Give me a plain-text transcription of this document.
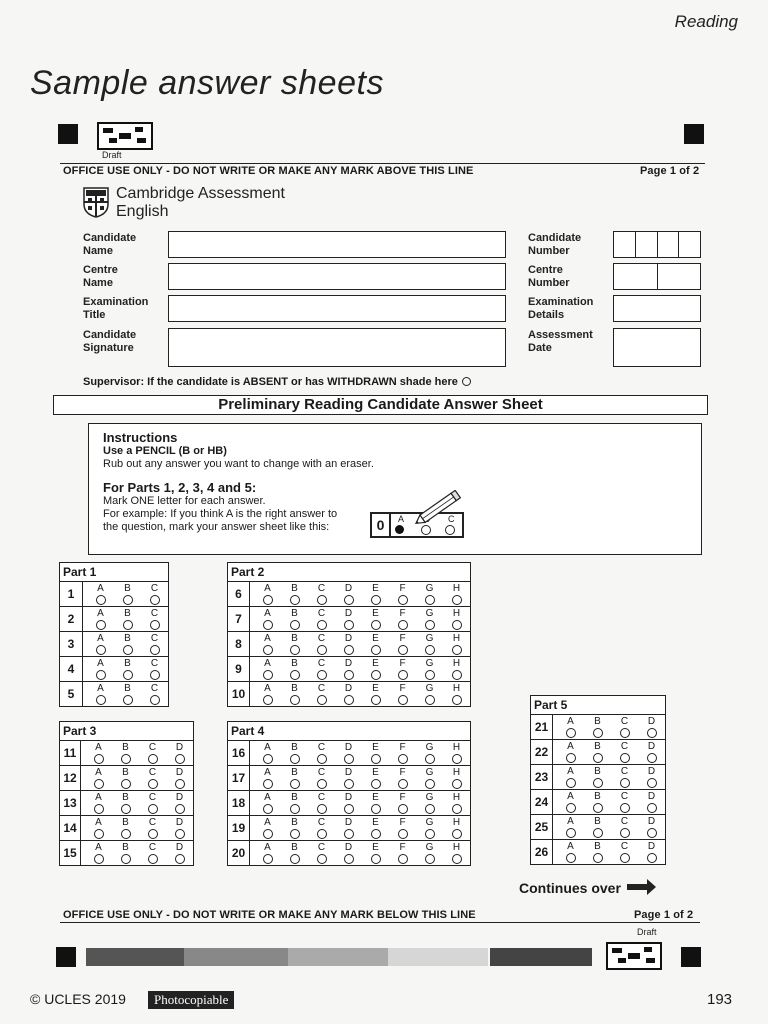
Reading
Sample answer sheets
Draft
OFFICE USE ONLY - DO NOT WRITE OR MAKE ANY MARK ABOVE THIS LINE	Page 1 of 2
Cambridge Assessment
English
Candidate
Name
Centre
Name
Examination
Title
Candidate
Signature
Candidate
Number
Centre
Number
Examination
Details
Assessment
Date
Supervisor: If the candidate is ABSENT or has WITHDRAWN shade here
Preliminary Reading Candidate Answer Sheet
Instructions
Use a PENCIL (B or HB)
Rub out any answer you want to change with an eraser.
For Parts 1, 2, 3, 4 and 5:
Mark ONE letter for each answer.
For example: If you think A is the right answer to
the question, mark your answer sheet like this:	0	A	C
Part 1
1	A	B	C
2	A	B	C
3	A	B	C
4	A	B	C
5	A	B	C
Part 2
6	A	B	C	D	E	F	G	H
7	A	B	C	D	E	F	G	H
8	A	B	C	D	E	F	G	H
9	A	B	C	D	E	F	G	H
10	A	B	C	D	E	F	G	H
Part 3
11	A	B	C	D
12	A	B	C	D
13	A	B	C	D
14	A	B	C	D
15	A	B	C	D
Part 4
16	A	B	C	D	E	F	G	H
17	A	B	C	D	E	F	G	H
18	A	B	C	D	E	F	G	H
19	A	B	C	D	E	F	G	H
20	A	B	C	D	E	F	G	H
Part 5
21	A	B	C	D
22	A	B	C	D
23	A	B	C	D
24	A	B	C	D
25	A	B	C	D
26	A	B	C	D
Continues over
OFFICE USE ONLY - DO NOT WRITE OR MAKE ANY MARK BELOW THIS LINE	Page 1 of 2
Draft
© UCLES 2019	Photocopiable	193
